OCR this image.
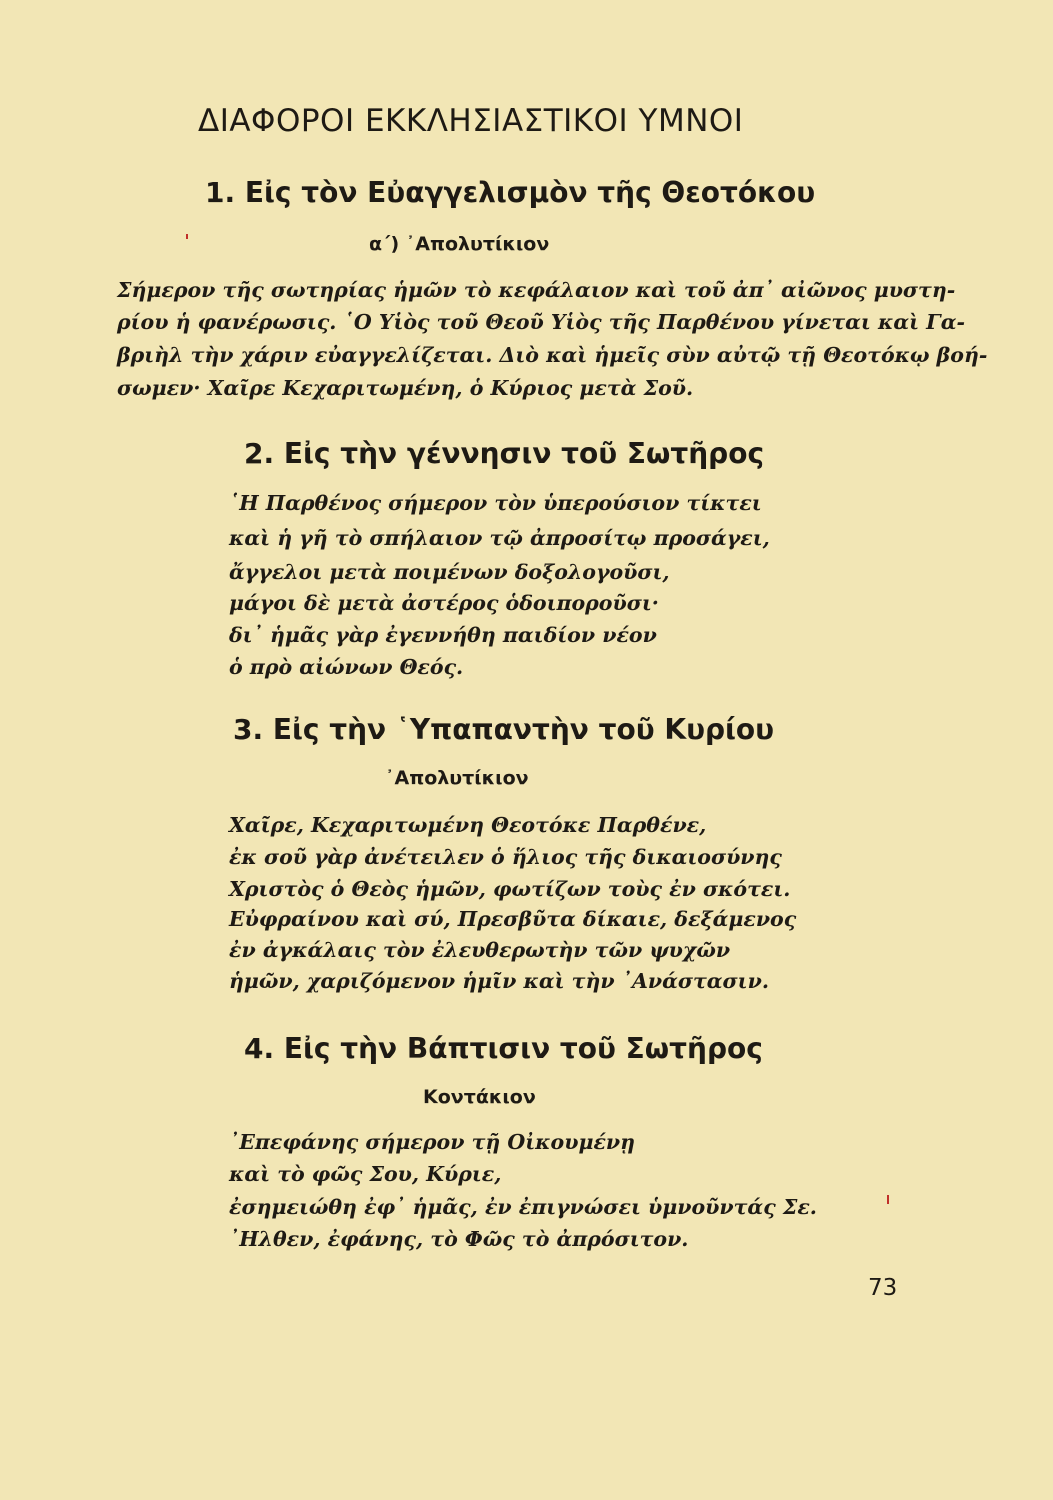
ΔΙΑΦΟΡΟΙ ΕΚΚΛΗΣΙΑΣΤΙΚΟΙ ΥΜΝΟΙ
1. Εἰς τὸν Εὐαγγελισμὸν τῆς Θεοτόκου
α΄) ᾿Απολυτίκιον
Σήμερον τῆς σωτηρίας ἡμῶν τὸ κεφάλαιον καὶ τοῦ ἀπ᾿ αἰῶνος μυστη-
ρίου ἡ φανέρωσις. ῾Ο Υἱὸς τοῦ Θεοῦ Υἱὸς τῆς Παρθένου γίνεται καὶ Γα-
βριὴλ τὴν χάριν εὐαγγελίζεται. Διὸ καὶ ἡμεῖς σὺν αὐτῷ τῇ Θεοτόκῳ βοή-
σωμεν· Χαῖρε Κεχαριτωμένη, ὁ Κύριος μετὰ Σοῦ.
2. Εἰς τὴν γέννησιν τοῦ Σωτῆρος
῾Η Παρθένος σήμερον τὸν ὑπερούσιον τίκτει
καὶ ἡ γῆ τὸ σπήλαιον τῷ ἀπροσίτῳ προσάγει,
ἄγγελοι μετὰ ποιμένων δοξολογοῦσι,
μάγοι δὲ μετὰ ἀστέρος ὁδοιποροῦσι·
δι᾿ ἡμᾶς γὰρ ἐγεννήθη παιδίον νέον
ὁ πρὸ αἰώνων Θεός.
3. Εἰς τὴν ῾Υπαπαντὴν τοῦ Κυρίου
᾿Απολυτίκιον
Χαῖρε, Κεχαριτωμένη Θεοτόκε Παρθένε,
ἐκ σοῦ γὰρ ἀνέτειλεν ὁ ἥλιος τῆς δικαιοσύνης
Χριστὸς ὁ Θεὸς ἡμῶν, φωτίζων τοὺς ἐν σκότει.
Εὐφραίνου καὶ σύ, Πρεσβῦτα δίκαιε, δεξάμενος
ἐν ἀγκάλαις τὸν ἐλευθερωτὴν τῶν ψυχῶν
ἡμῶν, χαριζόμενον ἡμῖν καὶ τὴν ᾿Ανάστασιν.
4. Εἰς τὴν Βάπτισιν τοῦ Σωτῆρος
Κοντάκιον
᾿Επεφάνης σήμερον τῇ Οἰκουμένῃ
καὶ τὸ φῶς Σου, Κύριε,
ἐσημειώθη ἐφ᾿ ἡμᾶς, ἐν ἐπιγνώσει ὑμνοῦντάς Σε.
᾿Ηλθεν, ἐφάνης, τὸ Φῶς τὸ ἀπρόσιτον.
73
